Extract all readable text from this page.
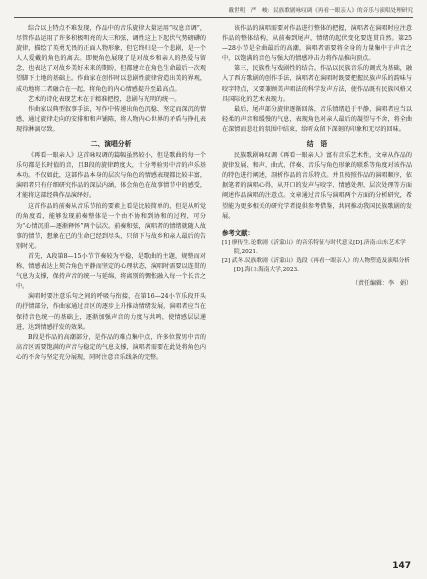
戴世明　严　峻：民族歌剧咏叹调《再看一眼亲人》的音乐与演唱处理研究

综合以上特点不难发现，作品中的音乐旋律大量运用“叹息音调”，尽管作品运用了许多积极明亮的大三和弦，调性这上下起伏气势磅礴的旋律，描绘了英勇无畏的正面人物形象，但它终归是一个悲剧，是一个人人爱戴的角色的离去。即便角色展现了是对故乡和亲人的热爱与留念，也表达了对故乡美好未来的期盼，但都建立在角色生命最后一次观望脚下土地的基础上。作曲家在创作时以悲剧性旋律营造出美的界观，成功地将二者融合在一起，将角色的内心情感提升至最高点。

艺术的诗化表现艺术在于精准把控，悲剧与光明的统一。

作曲家以典型叙事手法，写作中传递出角色沉稳、坚定而深沉的情感，通过旋律走向的安排和和声铺陈，将人物内心世界的矛盾与挣扎表现得淋漓尽致。

二、演唱分析

《再看一眼亲人》这首咏叹调的篇幅虽然较小，但是歌曲的每一个乐句都是长时值的音，且B段的旋律跨度大，十分考验男中音的声乐基本功。不仅如此，这部作品本身的层次与角色的情感表现都比较丰富，演唱者只有仔细研究作品的深层内涵，体会角色在故事情节中的感受，才能将这部经典作品演绎好。

这首作品的前奏从音乐节拍的要素上看是比较简单的，但是从听觉的角度看，能够发现前奏整体是一个由不协和到协和的过程，可分为“心情沉重—逐渐释怀”两个层次。前奏和弦，演唱者的情绪就随人故事的情节，想象在已的生命已经到尽头，只留下与故乡和亲人最后的告别时光。

首先，A段第8—15小节节奏较为平稳，是歌曲的主题，规整而对称，情感表达上契合角色平静而坚定的心理状态，演唱时需要以连贯的气息为支撑，保持声音的统一与延绵，将离别的惆怅融入每一个长音之中。

演唱时要注意乐句之间的呼吸与衔接，在第16—24小节乐段开头的抒情部分，作曲家通过音区的逐步上升推动情绪发展，演唱者应当在保持音色统一的基础上，逐渐加强声音的力度与共鸣，使情感层层递进，达到情感抒发的效果。

B段是作品的高潮部分，是作品的难点集中点，许多位置男中音的高音区需要饱满的声音与稳定的气息支撑，演唱者需要在此处将角色内心的不舍与坚定充分展现，同时注意音乐线条的完整。

该作品的演唱需要对作品进行整体的把握，演唱者在演唱时应注意作品的整体结构，从前奏到尾声，情绪的起伏变化要连贯自然。第25—28小节是全曲最后的高潮，演唱者需要将全身的力量集中于声音之中，以饱满的音色与强大的情感冲击力将作品推向顶点。

第三，民族性与戏剧性的结合。作品以民族音乐的调式为基础，融入了西方歌剧的创作手法，演唱者在演唱时既要把握民族声乐的韵味与咬字特点，又要兼顾美声唱法的科学发声方法，使作品既有民族风格又具国际化的艺术表现力。

最后，尾声部分旋律逐渐回落，音乐情绪趋于平静，演唱者应当以轻柔的声音和缓慢的气息，表现角色对亲人最后的凝望与不舍，将全曲在深情而悲壮的氛围中结束，给听众留下深刻的印象和无尽的回味。

结　语

民族歌剧咏叹调《再看一眼亲人》富有音乐艺术性，文章从作品的旋律发展、和声、曲式、伴奏、音乐与角色形象的联系等角度对该作品的特色进行阐述，剖析作品的音乐特点。并且按照作品的演唱顺序，依据笔者的演唱心得，从开口的发声与咬字、情感处理、层次处理等方面阐述作品演唱的注意点。文章通过音乐与演唱两个方面的分析研究，希望能为更多相关的研究学者提供参考借鉴，共同推动我国民族歌剧的发展。

参考文献：

[1] 廖传生.论歌剧《沂蒙山》的音乐特征与时代意义[D].济南:山东艺术学院,2021.

[2] 武冬.民族歌剧《沂蒙山》选段《再看一眼亲人》的人物塑造及演唱分析[D].海口:海南大学,2023.

（责任编辑：李　娟）
147
